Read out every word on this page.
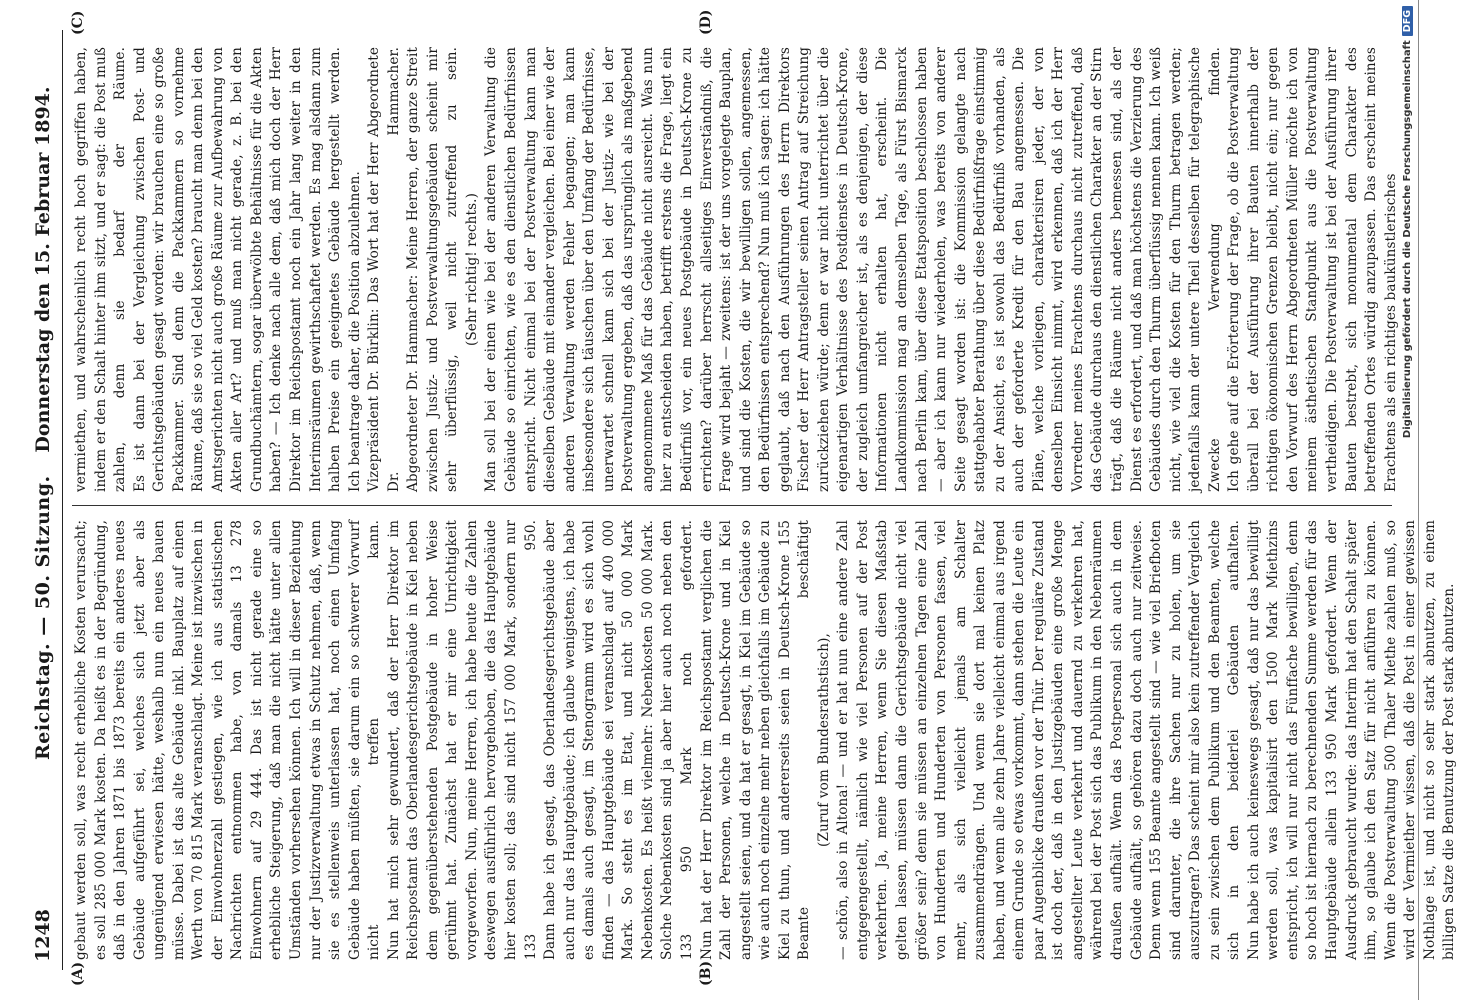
1248
Reichstag. — 50. Sitzung.
Donnerstag den 15. Februar 1894.
(A)	(B)
(C)	(D)

gebaut werden soll, was recht erhebliche Kosten verursacht; es soll 285 000 Mark kosten. Da heißt es in der Begründung, daß in den Jahren 1871 bis 1873 bereits ein anderes neues Gebäude aufgeführt sei, welches sich jetzt aber als ungenügend erwiesen hätte, weshalb nun ein neues bauen müsse. Dabei ist das alte Gebäude inkl. Bauplatz auf einen Werth von 70 815 Mark veranschlagt. Meine ist inzwischen in der Einwohnerzahl gestiegen, wie ich aus statistischen Nachrichten entnommen habe, von damals 13 278 Einwohnern auf 29 444. Das ist nicht gerade eine so erhebliche Steigerung, daß man die nicht hätte unter allen Umständen vorhersehen können. Ich will in dieser Beziehung nur der Justizverwaltung etwas in Schutz nehmen, daß, wenn sie es stellenweis unterlassen hat, noch einen Umfang Gebäude haben müßten, sie darum ein so schwerer Vorwurf nicht treffen kann. Nun hat mich sehr gewundert, daß der Herr Direktor im Reichspostamt das Oberlandesgerichtsgebäude in Kiel neben dem gegenüberstehenden Postgebäude in hoher Weise gerühmt hat. Zunächst hat er mir eine Unrichtigkeit vorgeworfen. Nun, meine Herren, ich habe heute die Zahlen deswegen ausführlich hervorgehoben, die das Hauptgebäude hier kosten soll; das sind nicht 157 000 Mark, sondern nur 133 950. Dann habe ich gesagt, das Oberlandesgerichtsgebäude aber auch nur das Hauptgebäude; ich glaube wenigstens, ich habe es damals auch gesagt, im Stenogramm wird es sich wohl finden — das Hauptgebäude sei veranschlagt auf 400 000 Mark. So steht es im Etat, und nicht 50 000 Mark Nebenkosten. Es heißt vielmehr: Nebenkosten 50 000 Mark. Solche Nebenkosten sind ja aber hier auch noch neben den 133 950 Mark noch gefordert. Nun hat der Herr Direktor im Reichspostamt verglichen die Zahl der Personen, welche in Deutsch-Krone und in Kiel angestellt seien, und da hat er gesagt, in Kiel im Gebäude so wie auch noch einzelne mehr neben gleichfalls im Gebäude zu Kiel zu thun, und andererseits seien in Deutsch-Krone 155 Beamte beschäftigt (Zuruf vom Bundesrathstisch), — schön, also in Altona! — und er hat nun eine andere Zahl entgegengestellt, nämlich wie viel Personen auf der Post verkehrten. Ja, meine Herren, wenn Sie diesen Maßstab gelten lassen, müssen dann die Gerichtsgebäude nicht viel größer sein? denn sie müssen an einzelnen Tagen eine Zahl von Hunderten und Hunderten von Personen fassen, viel mehr, als sich vielleicht jemals am Schalter zusammendrängen. Und wenn sie dort mal keinen Platz haben, und wenn alle zehn Jahre vielleicht einmal aus irgend einem Grunde so etwas vorkommt, dann stehen die Leute ein paar Augenblicke draußen vor der Thür. Der reguläre Zustand ist doch der, daß in den Justizgebäuden eine große Menge angestellter Leute verkehrt und dauernd zu verkehren hat, während bei der Post sich das Publikum in den Nebenräumen draußen aufhält. Wenn das Postpersonal sich auch in dem Gebäude aufhält, so gehören dazu doch auch nur zeitweise. Denn wenn 155 Beamte angestellt sind — wie viel Briefboten sind darunter, die ihre Sachen nur zu holen, um sie auszutragen? Das scheint mir also kein zutreffender Vergleich zu sein zwischen dem Publikum und den Beamten, welche sich in den beiderlei Gebäuden aufhalten. Nun habe ich auch keineswegs gesagt, daß nur das bewilligt werden soll, was kapitalisirt den 1500 Mark Miethzins entspricht, ich will nur nicht das Fünffache bewilligen, denn so hoch ist hiernach zu berechnenden Summe werden für das Hauptgebäude allein 133 950 Mark gefordert. Wenn der Ausdruck gebraucht wurde: das Interim hat den Schalt später ihm, so glaube ich den Satz für nicht anführen zu können. Wenn die Postverwaltung 500 Thaler Miethe zahlen muß, so wird der Vermiether wissen, daß die Post in einer gewissen Nothlage ist, und nicht so sehr stark abnutzen, zu einem billigen Satze die Benutzung der Post stark abnutzen.

vermiethen, und wahrscheinlich recht hoch gegriffen haben, indem er den Schalt hinter ihm sitzt, und er sagt: die Post muß zahlen, denn sie bedarf der Räume. Es ist dann bei der Vergleichung zwischen Post- und Gerichtsgebäuden gesagt worden: wir brauchen eine so große Packkammer. Sind denn die Packkammern so vornehme Räume, daß sie so viel Geld kosten? braucht man denn bei den Amtsgerichten nicht auch große Räume zur Aufbewahrung von Akten aller Art? und muß man nicht gerade, z. B. bei den Grundbuchämtern, sogar überwölbte Behältnisse für die Akten haben? — Ich denke nach alle dem, daß mich doch der Herr Direktor im Reichspostamt noch ein Jahr lang weiter in den Interimsräumen gewirthschaftet werden. Es mag alsdann zum halben Preise ein geeignetes Gebäude hergestellt werden. Ich beantrage daher, die Position abzulehnen. Vizepräsident Dr. Bürklin: Das Wort hat der Herr Abgeordnete Dr. Hammacher. Abgeordneter Dr. Hammacher: Meine Herren, der ganze Streit zwischen Justiz- und Postverwaltungsgebäuden scheint mir sehr überflüssig, weil nicht zutreffend zu sein. (Sehr richtig! rechts.) Man soll bei der einen wie bei der anderen Verwaltung die Gebäude so einrichten, wie es den dienstlichen Bedürfnissen entspricht. Nicht einmal bei der Postverwaltung kann man dieselben Gebäude mit einander vergleichen. Bei einer wie der anderen Verwaltung werden Fehler begangen; man kann insbesondere sich täuschen über den Umfang der Bedürfnisse, unerwartet schnell kann sich bei der Justiz- wie bei der Postverwaltung ergeben, daß das ursprünglich als maßgebend angenommene Maß für das Gebäude nicht ausreicht. Was nun hier zu entscheiden haben, betrifft erstens die Frage, liegt ein Bedürfniß vor, ein neues Postgebäude in Deutsch-Krone zu errichten? darüber herrscht allseitiges Einverständniß, die Frage wird bejaht — zweitens: ist der uns vorgelegte Bauplan, und sind die Kosten, die wir bewilligen sollen, angemessen, den Bedürfnissen entsprechend? Nun muß ich sagen: ich hätte geglaubt, daß nach den Ausführungen des Herrn Direktors Fischer der Herr Antragsteller seinen Antrag auf Streichung zurückziehen würde; denn er war nicht unterrichtet über die eigenartigen Verhältnisse des Postdienstes in Deutsch-Krone, der zugleich umfangreicher ist, als es denjenigen, der diese Informationen nicht erhalten hat, erscheint. Die Landkommission mag an demselben Tage, als Fürst Bismarck nach Berlin kam, über diese Etatsposition beschlossen haben — aber ich kann nur wiederholen, was bereits von anderer Seite gesagt worden ist: die Kommission gelangte nach stattgehabter Berathung über diese Bedürfnißfrage einstimmig zu der Ansicht, es ist sowohl das Bedürfniß vorhanden, als auch der geforderte Kredit für den Bau angemessen. Die Pläne, welche vorliegen, charakterisiren jeder, der von denselben Einsicht nimmt, wird erkennen, daß ich der Herr Vorredner meines Erachtens durchaus nicht zutreffend, daß das Gebäude durchaus den dienstlichen Charakter an der Stirn trägt, daß die Räume nicht anders bemessen sind, als der Dienst es erfordert, und daß man höchstens die Verzierung des Gebäudes durch den Thurm überflüssig nennen kann. Ich weiß nicht, wie viel die Kosten für den Thurm betragen werden; jedenfalls kann der untere Theil desselben für telegraphische Zwecke Verwendung finden. Ich gehe auf die Erörterung der Frage, ob die Postverwaltung überall bei der Ausführung ihrer Bauten innerhalb der richtigen ökonomischen Grenzen bleibt, nicht ein; nur gegen den Vorwurf des Herrn Abgeordneten Müller möchte ich von meinem ästhetischen Standpunkt aus die Postverwaltung vertheidigen. Die Postverwaltung ist bei der Ausführung ihrer Bauten bestrebt, sich monumental dem Charakter des betreffenden Ortes würdig anzupassen. Das erscheint meines Erachtens als ein richtiges baukünstlerisches Digitalisierung gefördert durch die Deutsche ForschungsgemeinschaftDFG
